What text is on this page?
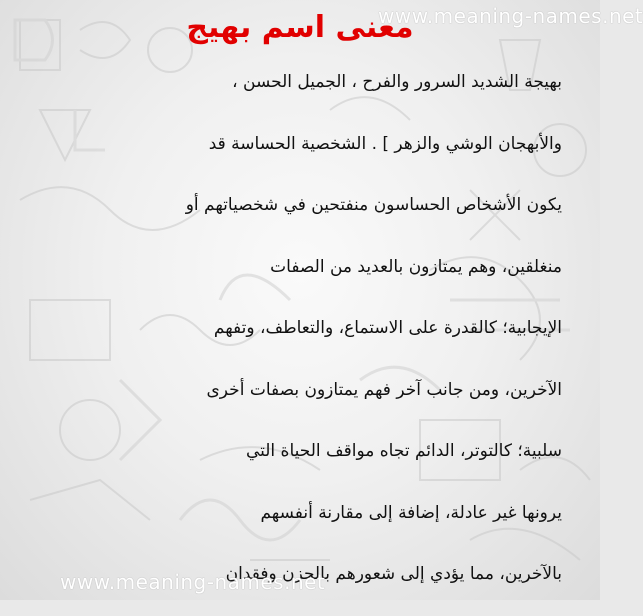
www.meaning-names.net
معنى اسم بهيج
بهيجة الشديد السرور والفرح ، الجميل الحسن ،
والأبهجان الوشي والزهر ] . الشخصية الحساسة قد
يكون الأشخاص الحساسون منفتحين في شخصياتهم أو
منغلقين، وهم يمتازون بالعديد من الصفات
الإيجابية؛ كالقدرة على الاستماع، والتعاطف، وتفهم
الآخرين، ومن جانب آخر فهم يمتازون بصفات أخرى
سلبية؛ كالتوتر، الدائم تجاه مواقف الحياة التي
يرونها غير عادلة، إضافة إلى مقارنة أنفسهم
بالآخرين، مما يؤدي إلى شعورهم بالحزن وفقدان
www.meaning-names.net
